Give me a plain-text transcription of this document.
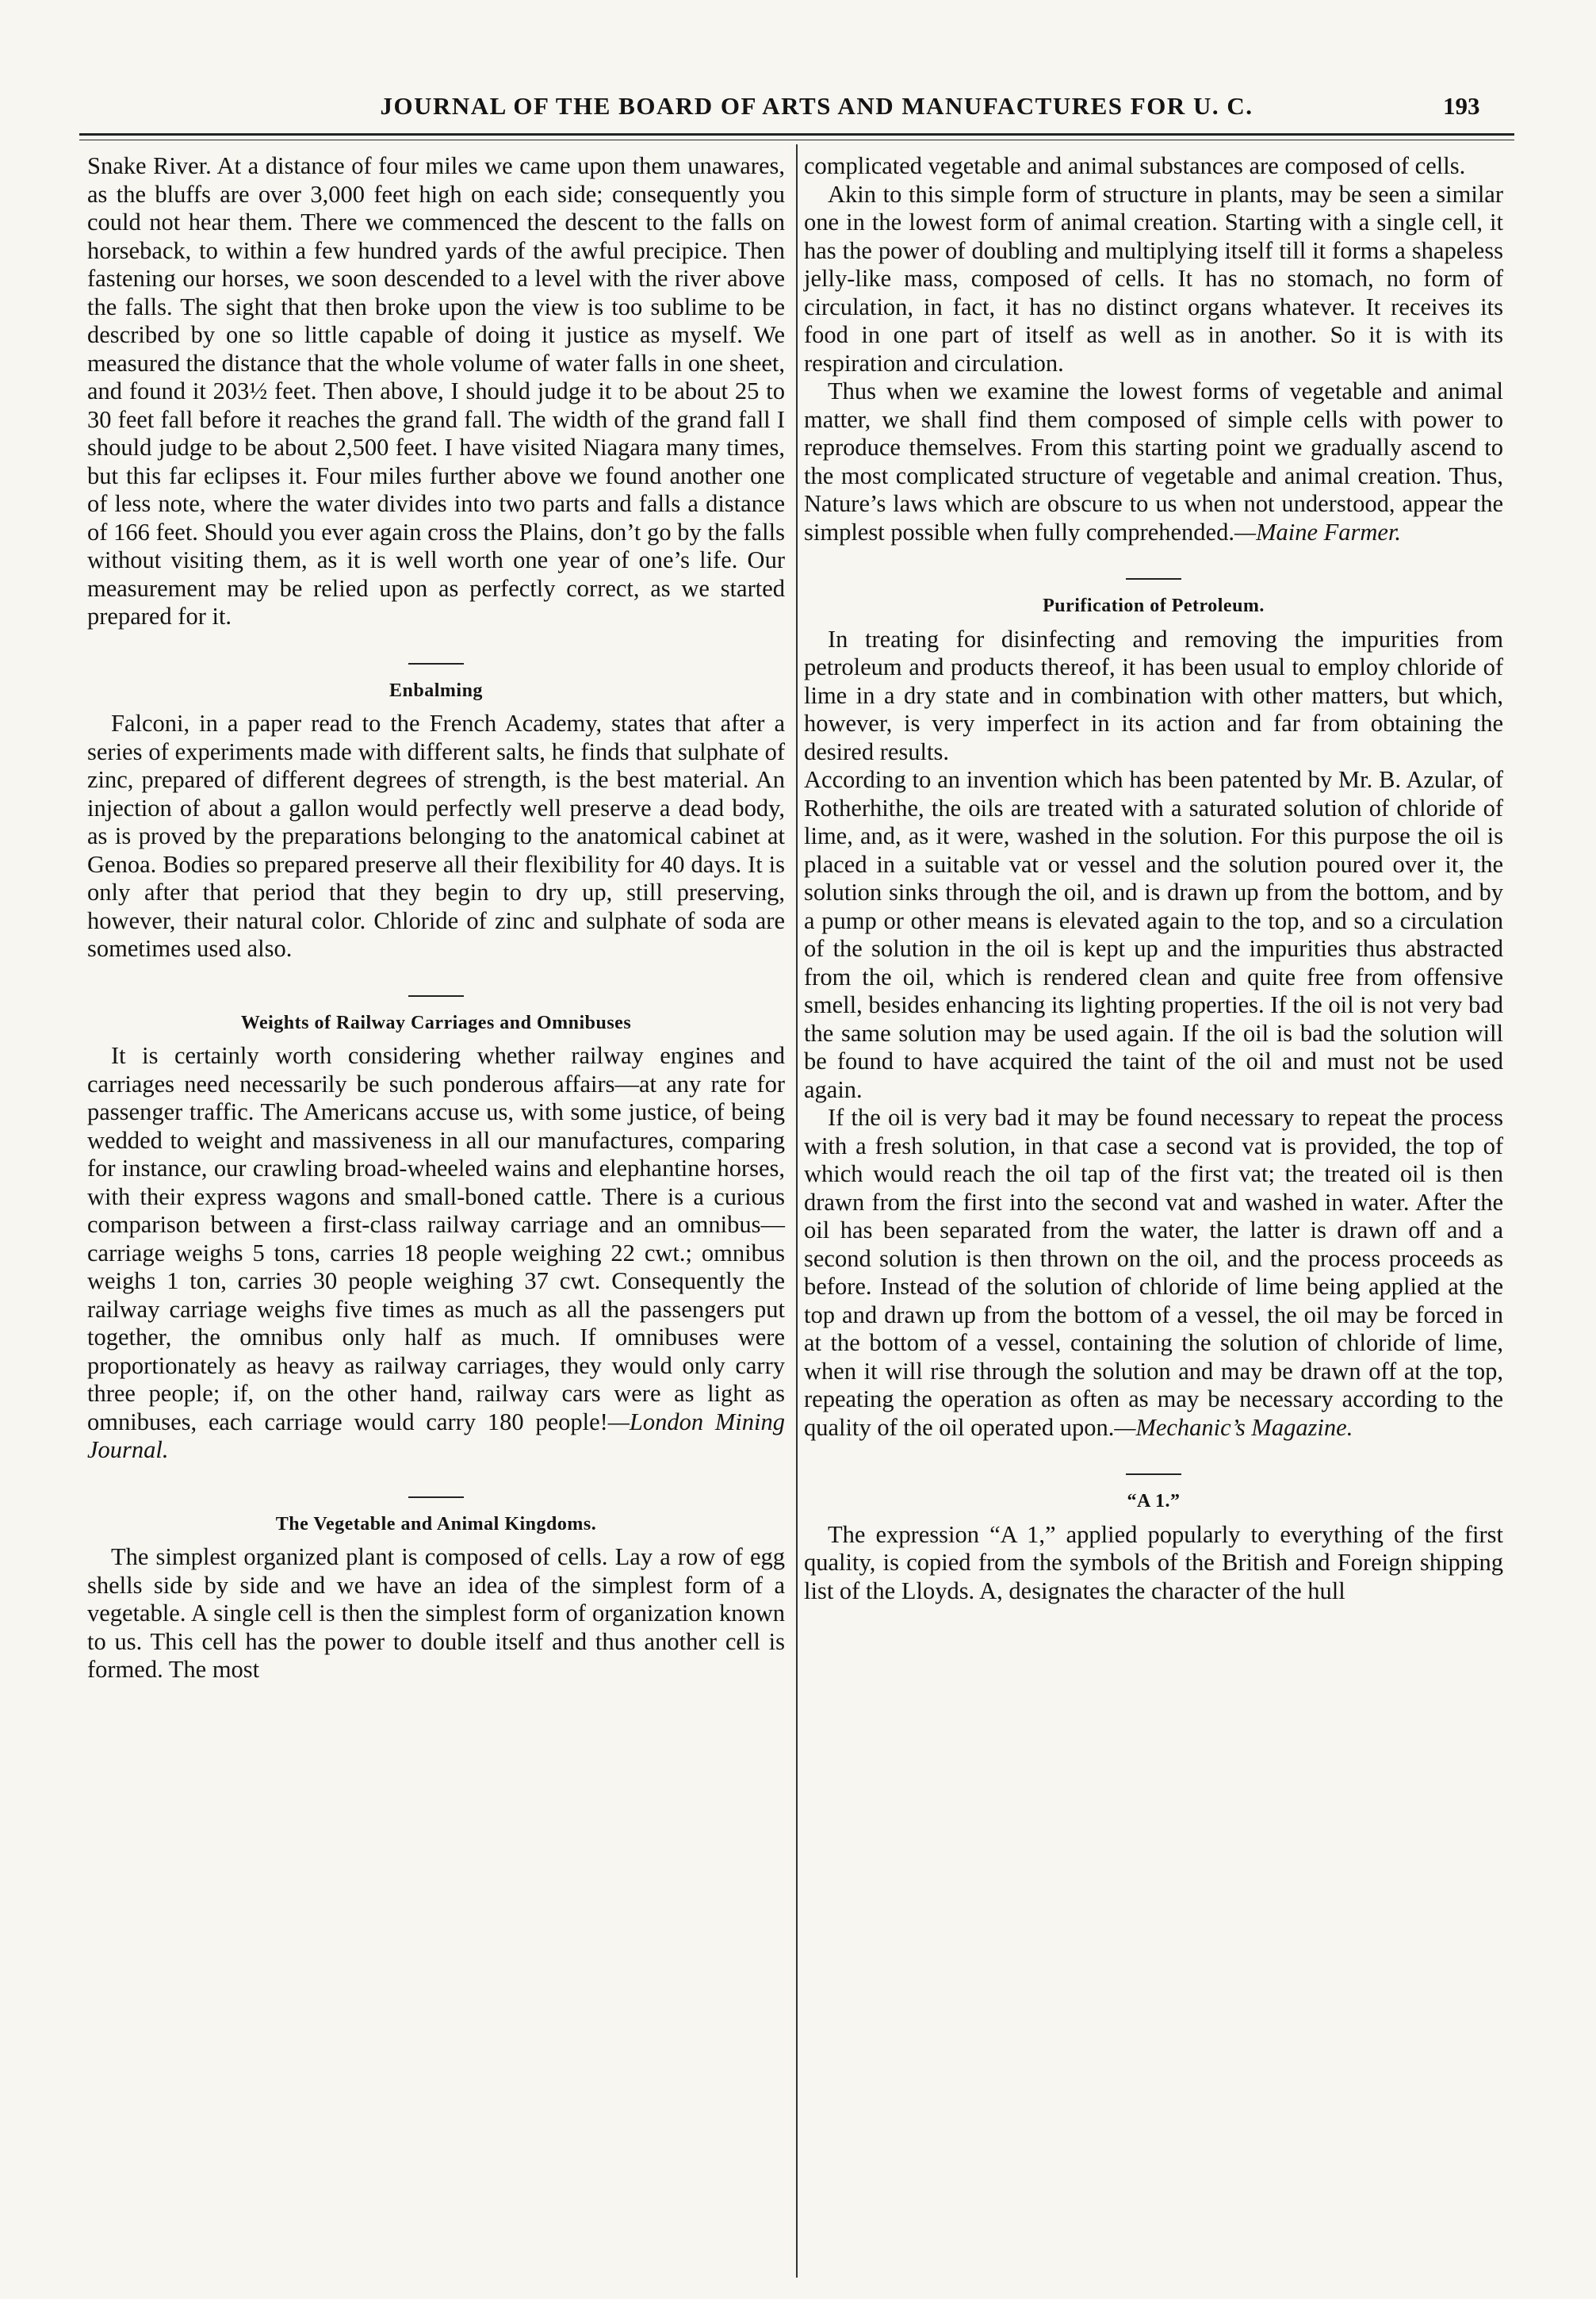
JOURNAL OF THE BOARD OF ARTS AND MANUFACTURES FOR U. C.	193

Snake River. At a distance of four miles we came upon them unawares, as the bluffs are over 3,000 feet high on each side; consequently you could not hear them. There we commenced the descent to the falls on horseback, to within a few hundred yards of the awful precipice. Then fastening our horses, we soon descended to a level with the river above the falls. The sight that then broke upon the view is too sublime to be described by one so little capable of doing it justice as myself. We measured the distance that the whole volume of water falls in one sheet, and found it 203½ feet. Then above, I should judge it to be about 25 to 30 feet fall before it reaches the grand fall. The width of the grand fall I should judge to be about 2,500 feet. I have visited Niagara many times, but this far eclipses it. Four miles further above we found another one of less note, where the water divides into two parts and falls a distance of 166 feet. Should you ever again cross the Plains, don’t go by the falls without visiting them, as it is well worth one year of one’s life. Our measurement may be relied upon as perfectly correct, as we started prepared for it.

Enbalming

Falconi, in a paper read to the French Academy, states that after a series of experiments made with different salts, he finds that sulphate of zinc, prepared of different degrees of strength, is the best material. An injection of about a gallon would perfectly well preserve a dead body, as is proved by the preparations belonging to the anatomical cabinet at Genoa. Bodies so prepared preserve all their flexibility for 40 days. It is only after that period that they begin to dry up, still preserving, however, their natural color. Chloride of zinc and sulphate of soda are sometimes used also.

Weights of Railway Carriages and Omnibuses

It is certainly worth considering whether railway engines and carriages need necessarily be such ponderous affairs—at any rate for passenger traffic. The Americans accuse us, with some justice, of being wedded to weight and massiveness in all our manufactures, comparing for instance, our crawling broad-wheeled wains and elephantine horses, with their express wagons and small-boned cattle. There is a curious comparison between a first-class railway carriage and an omnibus—carriage weighs 5 tons, carries 18 people weighing 22 cwt.; omnibus weighs 1 ton, carries 30 people weighing 37 cwt. Consequently the railway carriage weighs five times as much as all the passengers put together, the omnibus only half as much. If omnibuses were proportionately as heavy as railway carriages, they would only carry three people; if, on the other hand, railway cars were as light as omnibuses, each carriage would carry 180 people!—London Mining Journal.

The Vegetable and Animal Kingdoms.

The simplest organized plant is composed of cells. Lay a row of egg shells side by side and we have an idea of the simplest form of a vegetable. A single cell is then the simplest form of organization known to us. This cell has the power to double itself and thus another cell is formed. The most

complicated vegetable and animal substances are composed of cells.

Akin to this simple form of structure in plants, may be seen a similar one in the lowest form of animal creation. Starting with a single cell, it has the power of doubling and multiplying itself till it forms a shapeless jelly-like mass, composed of cells. It has no stomach, no form of circulation, in fact, it has no distinct organs whatever. It receives its food in one part of itself as well as in another. So it is with its respiration and circulation.

Thus when we examine the lowest forms of vegetable and animal matter, we shall find them composed of simple cells with power to reproduce themselves. From this starting point we gradually ascend to the most complicated structure of vegetable and animal creation. Thus, Nature’s laws which are obscure to us when not understood, appear the simplest possible when fully comprehended.—Maine Farmer.

Purification of Petroleum.

In treating for disinfecting and removing the impurities from petroleum and products thereof, it has been usual to employ chloride of lime in a dry state and in combination with other matters, but which, however, is very imperfect in its action and far from obtaining the desired results.

According to an invention which has been patented by Mr. B. Azular, of Rotherhithe, the oils are treated with a saturated solution of chloride of lime, and, as it were, washed in the solution. For this purpose the oil is placed in a suitable vat or vessel and the solution poured over it, the solution sinks through the oil, and is drawn up from the bottom, and by a pump or other means is elevated again to the top, and so a circulation of the solution in the oil is kept up and the impurities thus abstracted from the oil, which is rendered clean and quite free from offensive smell, besides enhancing its lighting properties. If the oil is not very bad the same solution may be used again. If the oil is bad the solution will be found to have acquired the taint of the oil and must not be used again.

If the oil is very bad it may be found necessary to repeat the process with a fresh solution, in that case a second vat is provided, the top of which would reach the oil tap of the first vat; the treated oil is then drawn from the first into the second vat and washed in water. After the oil has been separated from the water, the latter is drawn off and a second solution is then thrown on the oil, and the process proceeds as before. Instead of the solution of chloride of lime being applied at the top and drawn up from the bottom of a vessel, the oil may be forced in at the bottom of a vessel, containing the solution of chloride of lime, when it will rise through the solution and may be drawn off at the top, repeating the operation as often as may be necessary according to the quality of the oil operated upon.—Mechanic’s Magazine.

“A 1.”

The expression “A 1,” applied popularly to everything of the first quality, is copied from the symbols of the British and Foreign shipping list of the Lloyds. A, designates the character of the hull
